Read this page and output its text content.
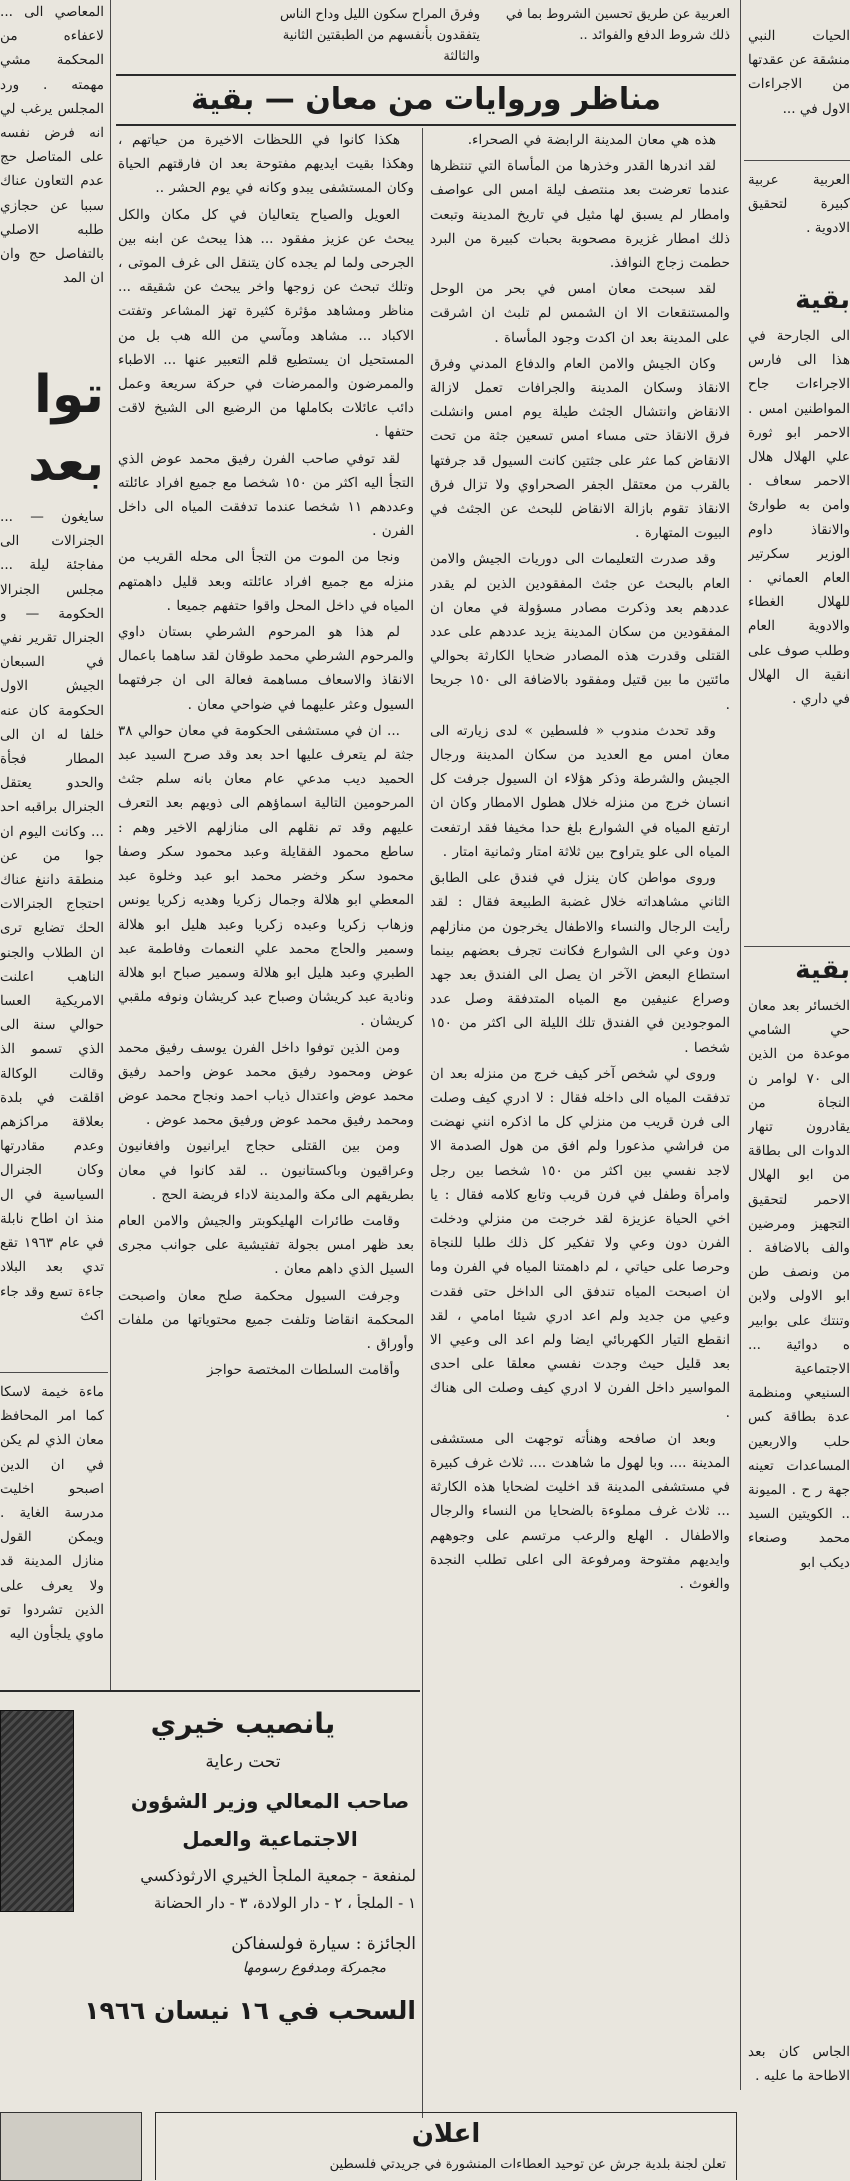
العربية عن طريق تحسين الشروط بما في ذلك شروط الدفع والفوائد ..
وفرق المراح سكون الليل وداح الناس يتفقدون بأنفسهم من الطبقتين الثانية والثالثة
مناظر وروايات من معان — بقية

هذه هي معان المدينة الرابضة في الصحراء.

لقد اندرها القدر وخذرها من المأساة التي تنتظرها عندما تعرضت بعد منتصف ليلة امس الى عواصف وامطار لم يسبق لها مثيل في تاريخ المدينة وتبعت ذلك امطار غزيرة مصحوبة بحبات كبيرة من البرد حطمت زجاج النوافذ.

لقد سبحت معان امس في بحر من الوحل والمستنقعات الا ان الشمس لم تلبث ان اشرقت على المدينة بعد ان اكدت وجود المأساة .

وكان الجيش والامن العام والدفاع المدني وفرق الانقاذ وسكان المدينة والجرافات تعمل لازالة الانقاض وانتشال الجثث طيلة يوم امس وانشلت فرق الانقاذ حتى مساء امس تسعين جثة من تحت الانقاض كما عثر على جثتين كانت السيول قد جرفتها بالقرب من معتقل الجفر الصحراوي ولا تزال فرق الانقاذ تقوم بازالة الانقاض للبحث عن الجثث في البيوت المتهارة .

وقد صدرت التعليمات الى دوريات الجيش والامن العام بالبحث عن جثث المفقودين الذين لم يقدر عددهم بعد وذكرت مصادر مسؤولة في معان ان المفقودين من سكان المدينة يزيد عددهم على عدد القتلى وقدرت هذه المصادر ضحايا الكارثة بحوالي مائتين ما بين قتيل ومفقود بالاضافة الى ١٥٠ جريحا .

وقد تحدث مندوب « فلسطين » لدى زيارته الى معان امس مع العديد من سكان المدينة ورجال الجيش والشرطة وذكر هؤلاء ان السيول جرفت كل انسان خرج من منزله خلال هطول الامطار وكان ان ارتفع المياه في الشوارع بلغ حدا مخيفا فقد ارتفعت المياه الى علو يتراوح بين ثلاثة امتار وثمانية امتار .

وروى مواطن كان ينزل في فندق على الطابق الثاني مشاهداته خلال غضبة الطبيعة فقال : لقد رأيت الرجال والنساء والاطفال يخرجون من منازلهم دون وعي الى الشوارع فكانت تجرف بعضهم بينما استطاع البعض الآخر ان يصل الى الفندق بعد جهد وصراع عنيفين مع المياه المتدفقة وصل عدد الموجودين في الفندق تلك الليلة الى اكثر من ١٥٠ شخصا .

وروى لي شخص آخر كيف خرج من منزله بعد ان تدفقت المياه الى داخله فقال : لا ادري كيف وصلت الى فرن قريب من منزلي كل ما اذكره انني نهضت من فراشي مذعورا ولم افق من هول الصدمة الا لاجد نفسي بين اكثر من ١٥٠ شخصا بين رجل وامرأة وطفل في فرن قريب وتابع كلامه فقال : يا اخي الحياة عزيزة لقد خرجت من منزلي ودخلت الفرن دون وعي ولا تفكير كل ذلك طلبا للنجاة وحرصا على حياتي ، لم داهمتنا المياه في الفرن وما ان اصبحت المياه تندفق الى الداخل حتى فقدت وعيي من جديد ولم اعد ادري شيئا امامي ، لقد انقطع التيار الكهربائي ايضا ولم اعد الى وعيي الا بعد قليل حيث وجدت نفسي معلقا على احدى المواسير داخل الفرن لا ادري كيف وصلت الى هناك .

وبعد ان صافحه وهنأته توجهت الى مستشفى المدينة .... وبا لهول ما شاهدت .... ثلاث غرف كبيرة في مستشفى المدينة قد اخليت لضحايا هذه الكارثة ... ثلاث غرف مملوءة بالضحايا من النساء والرجال والاطفال . الهلع والرعب مرتسم على وجوههم وايديهم مفتوحة ومرفوعة الى اعلى تطلب النجدة والغوث .

هكذا كانوا في اللحظات الاخيرة من حياتهم ، وهكذا بقيت ايديهم مفتوحة بعد ان فارقتهم الحياة وكان المستشفى يبدو وكانه في يوم الحشر ..

العويل والصياح يتعاليان في كل مكان والكل يبحث عن عزيز مفقود ... هذا يبحث عن ابنه بين الجرحى ولما لم يجده كان يتنقل الى غرف الموتى ، وتلك تبحث عن زوجها واخر يبحث عن شقيقه ... مناظر ومشاهد مؤثرة كثيرة تهز المشاعر وتفتت الاكباد ... مشاهد ومآسي من الله هب بل من المستحيل ان يستطيع قلم التعبير عنها ... الاطباء والممرضون والممرضات في حركة سريعة وعمل دائب عائلات بكاملها من الرضيع الى الشيخ لاقت حتفها .

لقد توفي صاحب الفرن رفيق محمد عوض الذي التجأ اليه اكثر من ١٥٠ شخصا مع جميع افراد عائلته وعددهم ١١ شخصا عندما تدفقت المياه الى داخل الفرن .

ونجا من الموت من التجأ الى محله القريب من منزله مع جميع افراد عائلته وبعد قليل داهمتهم المياه في داخل المحل واقوا حتفهم جميعا .

لم هذا هو المرحوم الشرطي بستان داوي والمرحوم الشرطي محمد طوقان لقد ساهما باعمال الانقاذ والاسعاف مساهمة فعالة الى ان جرفتهما السيول وعثر عليهما في ضواحي معان .

... ان في مستشفى الحكومة في معان حوالي ٣٨ جثة لم يتعرف عليها احد بعد وقد صرح السيد عبد الحميد ديب مدعي عام معان بانه سلم جثث المرحومين التالية اسماؤهم الى ذويهم بعد التعرف عليهم وقد تم نقلهم الى منازلهم الاخير وهم : ساطع محمود الفقايلة وعبد محمود سكر وصفا محمود سكر وخضر محمد ابو عبد وخلوة عبد المعطي ابو هلالة وجمال زكريا وهديه زكريا يونس وزهاب زكريا وعبده زكريا وعبد هليل ابو هلالة وسمير والحاج محمد علي النعمات وفاطمة عبد الطبري وعبد هليل ابو هلالة وسمير صباح ابو هلالة ونادية عبد كريشان وصباح عبد كريشان ونوفه ملقبي كريشان .

ومن الذين توفوا داخل الفرن يوسف رفيق محمد عوض ومحمود رفيق محمد عوض واحمد رفيق محمد عوض واعتدال ذياب احمد ونجاح محمد عوض ومحمد رفيق محمد عوض ورفيق محمد عوض .

ومن بين القتلى حجاج ايرانيون وافغانيون وعراقيون وباكستانيون .. لقد كانوا في معان بطريقهم الى مكة والمدينة لاداء فريضة الحج .

وقامت طائرات الهليكوبتر والجيش والامن العام بعد ظهر امس بجولة تفتيشية على جوانب مجرى السيل الذي داهم معان .

وجرفت السيول محكمة صلح معان واصبحت المحكمة انقاضا وتلفت جميع محتوياتها من ملفات وأوراق .

وأقامت السلطات المختصة حواجز

يانصيب خيري
تحت رعاية
صاحب المعالي وزير الشؤون الاجتماعية والعمل
لمنفعة - جمعية الملجأ الخيري الارثوذكسي
١ - الملجأ ، ٢ - دار الولادة، ٣ - دار الحضانة
الجائزة : سيارة فولسفاكن
مجمركة ومدفوع رسومها
السحب في ١٦ نيسان ١٩٦٦
اعلان
تعلن لجنة بلدية جرش عن توحيد العطاءات المنشورة في جريدتي فلسطين
المعاصي الى ... لاعفاءه من المحكمة مشي مهمته . ورد المجلس يرغب لي انه فرض نفسه على المتاصل حج عدم التعاون عناك سببا عن حجازي طلبه الاصلي بالتفاصل حج وان ان المد
توا
بعد
سايغون — ... الجنرالات الى مفاجئة ليلة ... مجلس الجنرالا الحكومة — و الجنرال تقرير نفي في السبعان الجيش الاول الحكومة كان عنه خلفا له ان الى المطار فجأة والحدو يعتقل الجنرال براقبه احد ... وكانت اليوم ان جوا من عن منطقة داننغ عناك احتجاج الجنرالات الحك تضايع ترى ان الطلاب والجنو الناهب اعلنت الامريكية العسا حوالي سنة الى الذي تسمو الذ وقالت الوكالة اقلقت في بلدة بعلاقة مراكزهم وعدم مقادرتها وكان الجنرال السياسية في ال منذ ان اطاح نابلة في عام ١٩٦٣ تقع تدي بعد البلاد جاءة تسع وقد جاء اكث
ماءة خيمة لاسكا كما امر المحافظ معان الذي لم يكن في ان الدين اصبحو اخليت مدرسة الغاية . ويمكن القول منازل المدينة قد ولا يعرف على الذين تشردوا تو ماوي يلجأون اليه
الحيات النبي منشقة عن عقدتها من الاجراءات الاول في ...
العربية عربية كبيرة لتحقيق الادوية .
بقية
الى الجارحة في هذا الى فارس الاجراءات جاح المواطنين امس . الاحمر ابو ثورة علي الهلال هلال الاحمر سعاف . وامن به طوارئ والانقاذ داوم الوزير سكرتير العام العماني . للهلال الغطاء والادوية العام وطلب صوف على انقية ال الهلال في داري .
بقية
الخسائر بعد معان حي الشامي موعدة من الذين الى ٧٠ لوامر ن النجاة من يقادرون تنهار الدوات الى بطاقة من ابو الهلال الاحمر لتحقيق التجهيز ومرضين والف بالاضافة . من ونصف طن ابو الاولى ولابن وتنتك على بوابير ه دوائية ... الاجتماعية السنيعي ومنظمة عدة بطاقة كس حلب والاربعين المساعدات تعينه جهة ر ح . الميونة .. الكويتين السيد محمد وصنعاء ديكب ابو
الجاس كان بعد الاطاحة ما عليه .
